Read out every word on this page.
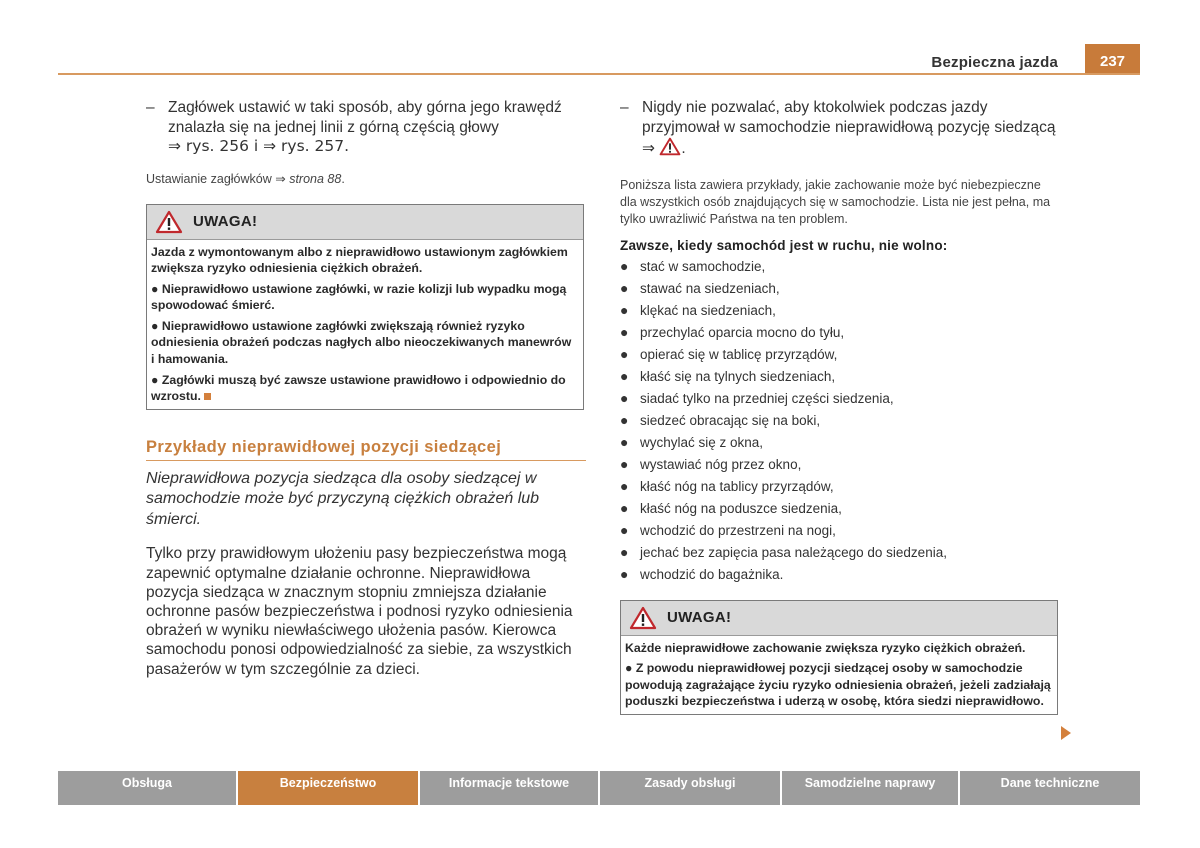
Bezpieczna jazda	237
– Zagłówek ustawić w taki sposób, aby górna jego krawędź znalazła się na jednej linii z górną częścią głowy
⇒ rys. 256 i ⇒ rys. 257.
Ustawianie zagłówków ⇒ strona 88.
UWAGA!

Jazda z wymontowanym albo z nieprawidłowo ustawionym zagłówkiem zwiększa ryzyko odniesienia ciężkich obrażeń.

● Nieprawidłowo ustawione zagłówki, w razie kolizji lub wypadku mogą spowodować śmierć.

● Nieprawidłowo ustawione zagłówki zwiększają również ryzyko odniesienia obrażeń podczas nagłych albo nieoczekiwanych manewrów i hamowania.

● Zagłówki muszą być zawsze ustawione prawidłowo i odpowiednio do wzrostu.

Przykłady nieprawidłowej pozycji siedzącej
Nieprawidłowa pozycja siedząca dla osoby siedzącej w samochodzie może być przyczyną ciężkich obrażeń lub śmierci.
Tylko przy prawidłowym ułożeniu pasy bezpieczeństwa mogą zapewnić optymalne działanie ochronne. Nieprawidłowa pozycja siedząca w znacznym stopniu zmniejsza działanie ochronne pasów bezpieczeństwa i podnosi ryzyko odniesienia obrażeń w wyniku niewłaściwego ułożenia pasów. Kierowca samochodu ponosi odpowiedzialność za siebie, za wszystkich pasażerów w tym szczególnie za dzieci.
– Nigdy nie pozwalać, aby ktokolwiek podczas jazdy przyjmował w samochodzie nieprawidłową pozycję siedzącą
⇒ .
Poniższa lista zawiera przykłady, jakie zachowanie może być niebezpieczne dla wszystkich osób znajdujących się w samochodzie. Lista nie jest pełna, ma tylko uwrażliwić Państwa na ten problem.
Zawsze, kiedy samochód jest w ruchu, nie wolno:
● stać w samochodzie,
● stawać na siedzeniach,
● klękać na siedzeniach,
● przechylać oparcia mocno do tyłu,
● opierać się w tablicę przyrządów,
● kłaść się na tylnych siedzeniach,
● siadać tylko na przedniej części siedzenia,
● siedzeć obracając się na boki,
● wychylać się z okna,
● wystawiać nóg przez okno,
● kłaść nóg na tablicy przyrządów,
● kłaść nóg na poduszce siedzenia,
● wchodzić do przestrzeni na nogi,
● jechać bez zapięcia pasa należącego do siedzenia,
● wchodzić do bagażnika.
UWAGA!

Każde nieprawidłowe zachowanie zwiększa ryzyko ciężkich obrażeń.

● Z powodu nieprawidłowej pozycji siedzącej osoby w samochodzie powodują zagrażające życiu ryzyko odniesienia obrażeń, jeżeli zadziałają poduszki bezpieczeństwa i uderzą w osobę, która siedzi nieprawidłowo.

Obsługa	Bezpieczeństwo	Informacje tekstowe	Zasady obsługi	Samodzielne naprawy	Dane techniczne
